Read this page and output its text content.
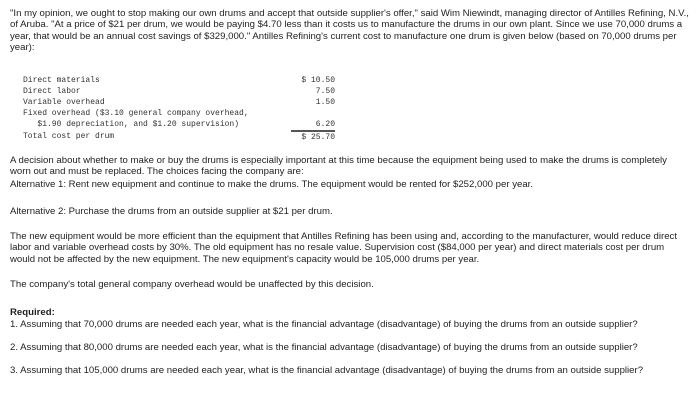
"In my opinion, we ought to stop making our own drums and accept that outside supplier's offer," said Wim Niewindt, managing director of Antilles Refining, N.V., of Aruba. "At a price of $21 per drum, we would be paying $4.70 less than it costs us to manufacture the drums in our own plant. Since we use 70,000 drums a year, that would be an annual cost savings of $329,000." Antilles Refining's current cost to manufacture one drum is given below (based on 70,000 drums per year):

Direct materials	$ 10.50
Direct labor	7.50
Variable overhead	1.50
Fixed overhead ($3.10 general company overhead,
$1.90 depreciation, and $1.20 supervision)	6.20
Total cost per drum	$ 25.70

A decision about whether to make or buy the drums is especially important at this time because the equipment being used to make the drums is completely worn out and must be replaced. The choices facing the company are:

Alternative 1: Rent new equipment and continue to make the drums. The equipment would be rented for $252,000 per year.

Alternative 2: Purchase the drums from an outside supplier at $21 per drum.

The new equipment would be more efficient than the equipment that Antilles Refining has been using and, according to the manufacturer, would reduce direct labor and variable overhead costs by 30%. The old equipment has no resale value. Supervision cost ($84,000 per year) and direct materials cost per drum would not be affected by the new equipment. The new equipment's capacity would be 105,000 drums per year.

The company's total general company overhead would be unaffected by this decision.

Required:

1. Assuming that 70,000 drums are needed each year, what is the financial advantage (disadvantage) of buying the drums from an outside supplier?

2. Assuming that 80,000 drums are needed each year, what is the financial advantage (disadvantage) of buying the drums from an outside supplier?

3. Assuming that 105,000 drums are needed each year, what is the financial advantage (disadvantage) of buying the drums from an outside supplier?
